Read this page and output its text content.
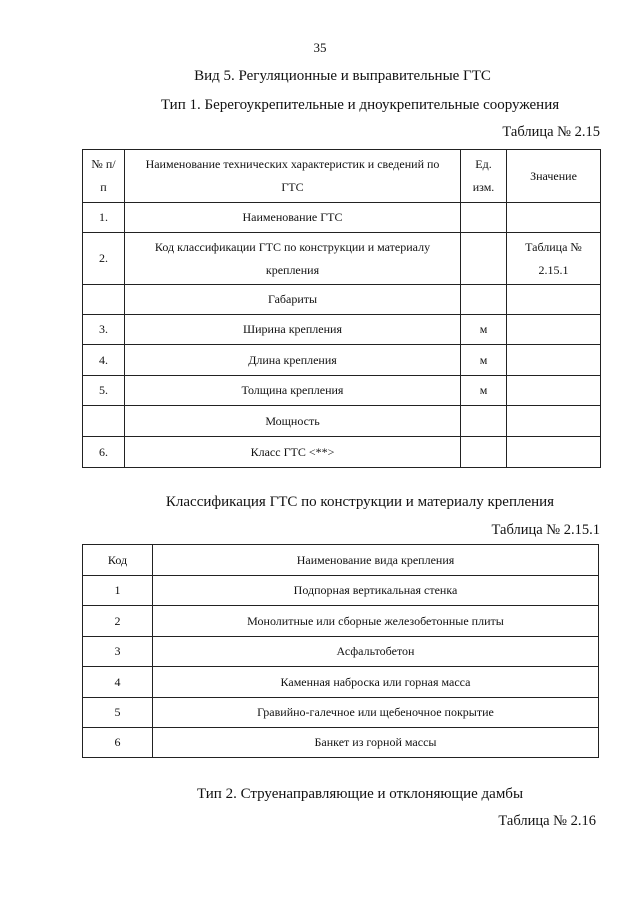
35
Вид 5. Регуляционные и выправительные ГТС
Тип 1. Берегоукрепительные и дноукрепительные сооружения
Таблица № 2.15
№ п/п	Наименование технических характеристик и сведений по ГТС	Ед. изм.	Значение
1.	Наименование ГТС		
2.	Код классификации ГТС по конструкции и материалу крепления		Таблица № 2.15.1
	Габариты		
3.	Ширина крепления	м	
4.	Длина крепления	м	
5.	Толщина крепления	м	
	Мощность		
6.	Класс ГТС <**>		
Классификация ГТС по конструкции и материалу крепления
Таблица № 2.15.1
Код	Наименование вида крепления
1	Подпорная вертикальная стенка
2	Монолитные или сборные железобетонные плиты
3	Асфальтобетон
4	Каменная наброска или горная масса
5	Гравийно-галечное или щебеночное покрытие
6	Банкет из горной массы
Тип 2. Струенаправляющие и отклоняющие дамбы
Таблица № 2.16
